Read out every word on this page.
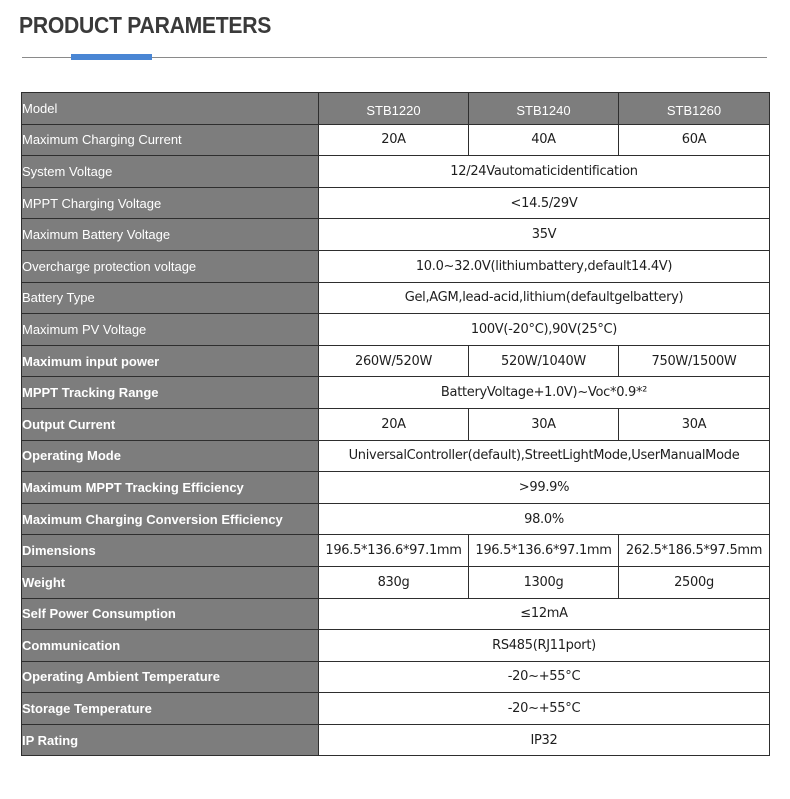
PRODUCT PARAMETERS
Model	STB1220	STB1240	STB1260
Maximum Charging Current	20A	40A	60A
System Voltage	12/24Vautomaticidentification		
MPPT Charging Voltage	<14.5/29V		
Maximum Battery Voltage	35V		
Overcharge protection voltage	10.0~32.0V(lithiumbattery,default14.4V)		
Battery Type	Gel,AGM,lead-acid,lithium(defaultgelbattery)		
Maximum PV Voltage	100V(-20°C),90V(25°C)		
Maximum input power	260W/520W	520W/1040W	750W/1500W
MPPT Tracking Range	BatteryVoltage+1.0V)~Voc*0.9*²		
Output Current	20A	30A	30A
Operating Mode	UniversalController(default),StreetLightMode,UserManualMode		
Maximum MPPT Tracking Efficiency	>99.9%		
Maximum Charging Conversion Efficiency	98.0%		
Dimensions	196.5*136.6*97.1mm	196.5*136.6*97.1mm	262.5*186.5*97.5mm
Weight	830g	1300g	2500g
Self Power Consumption	≤12mA		
Communication	RS485(RJ11port)		
Operating Ambient Temperature	-20~+55°C		
Storage Temperature	-20~+55°C		
IP Rating	IP32		
